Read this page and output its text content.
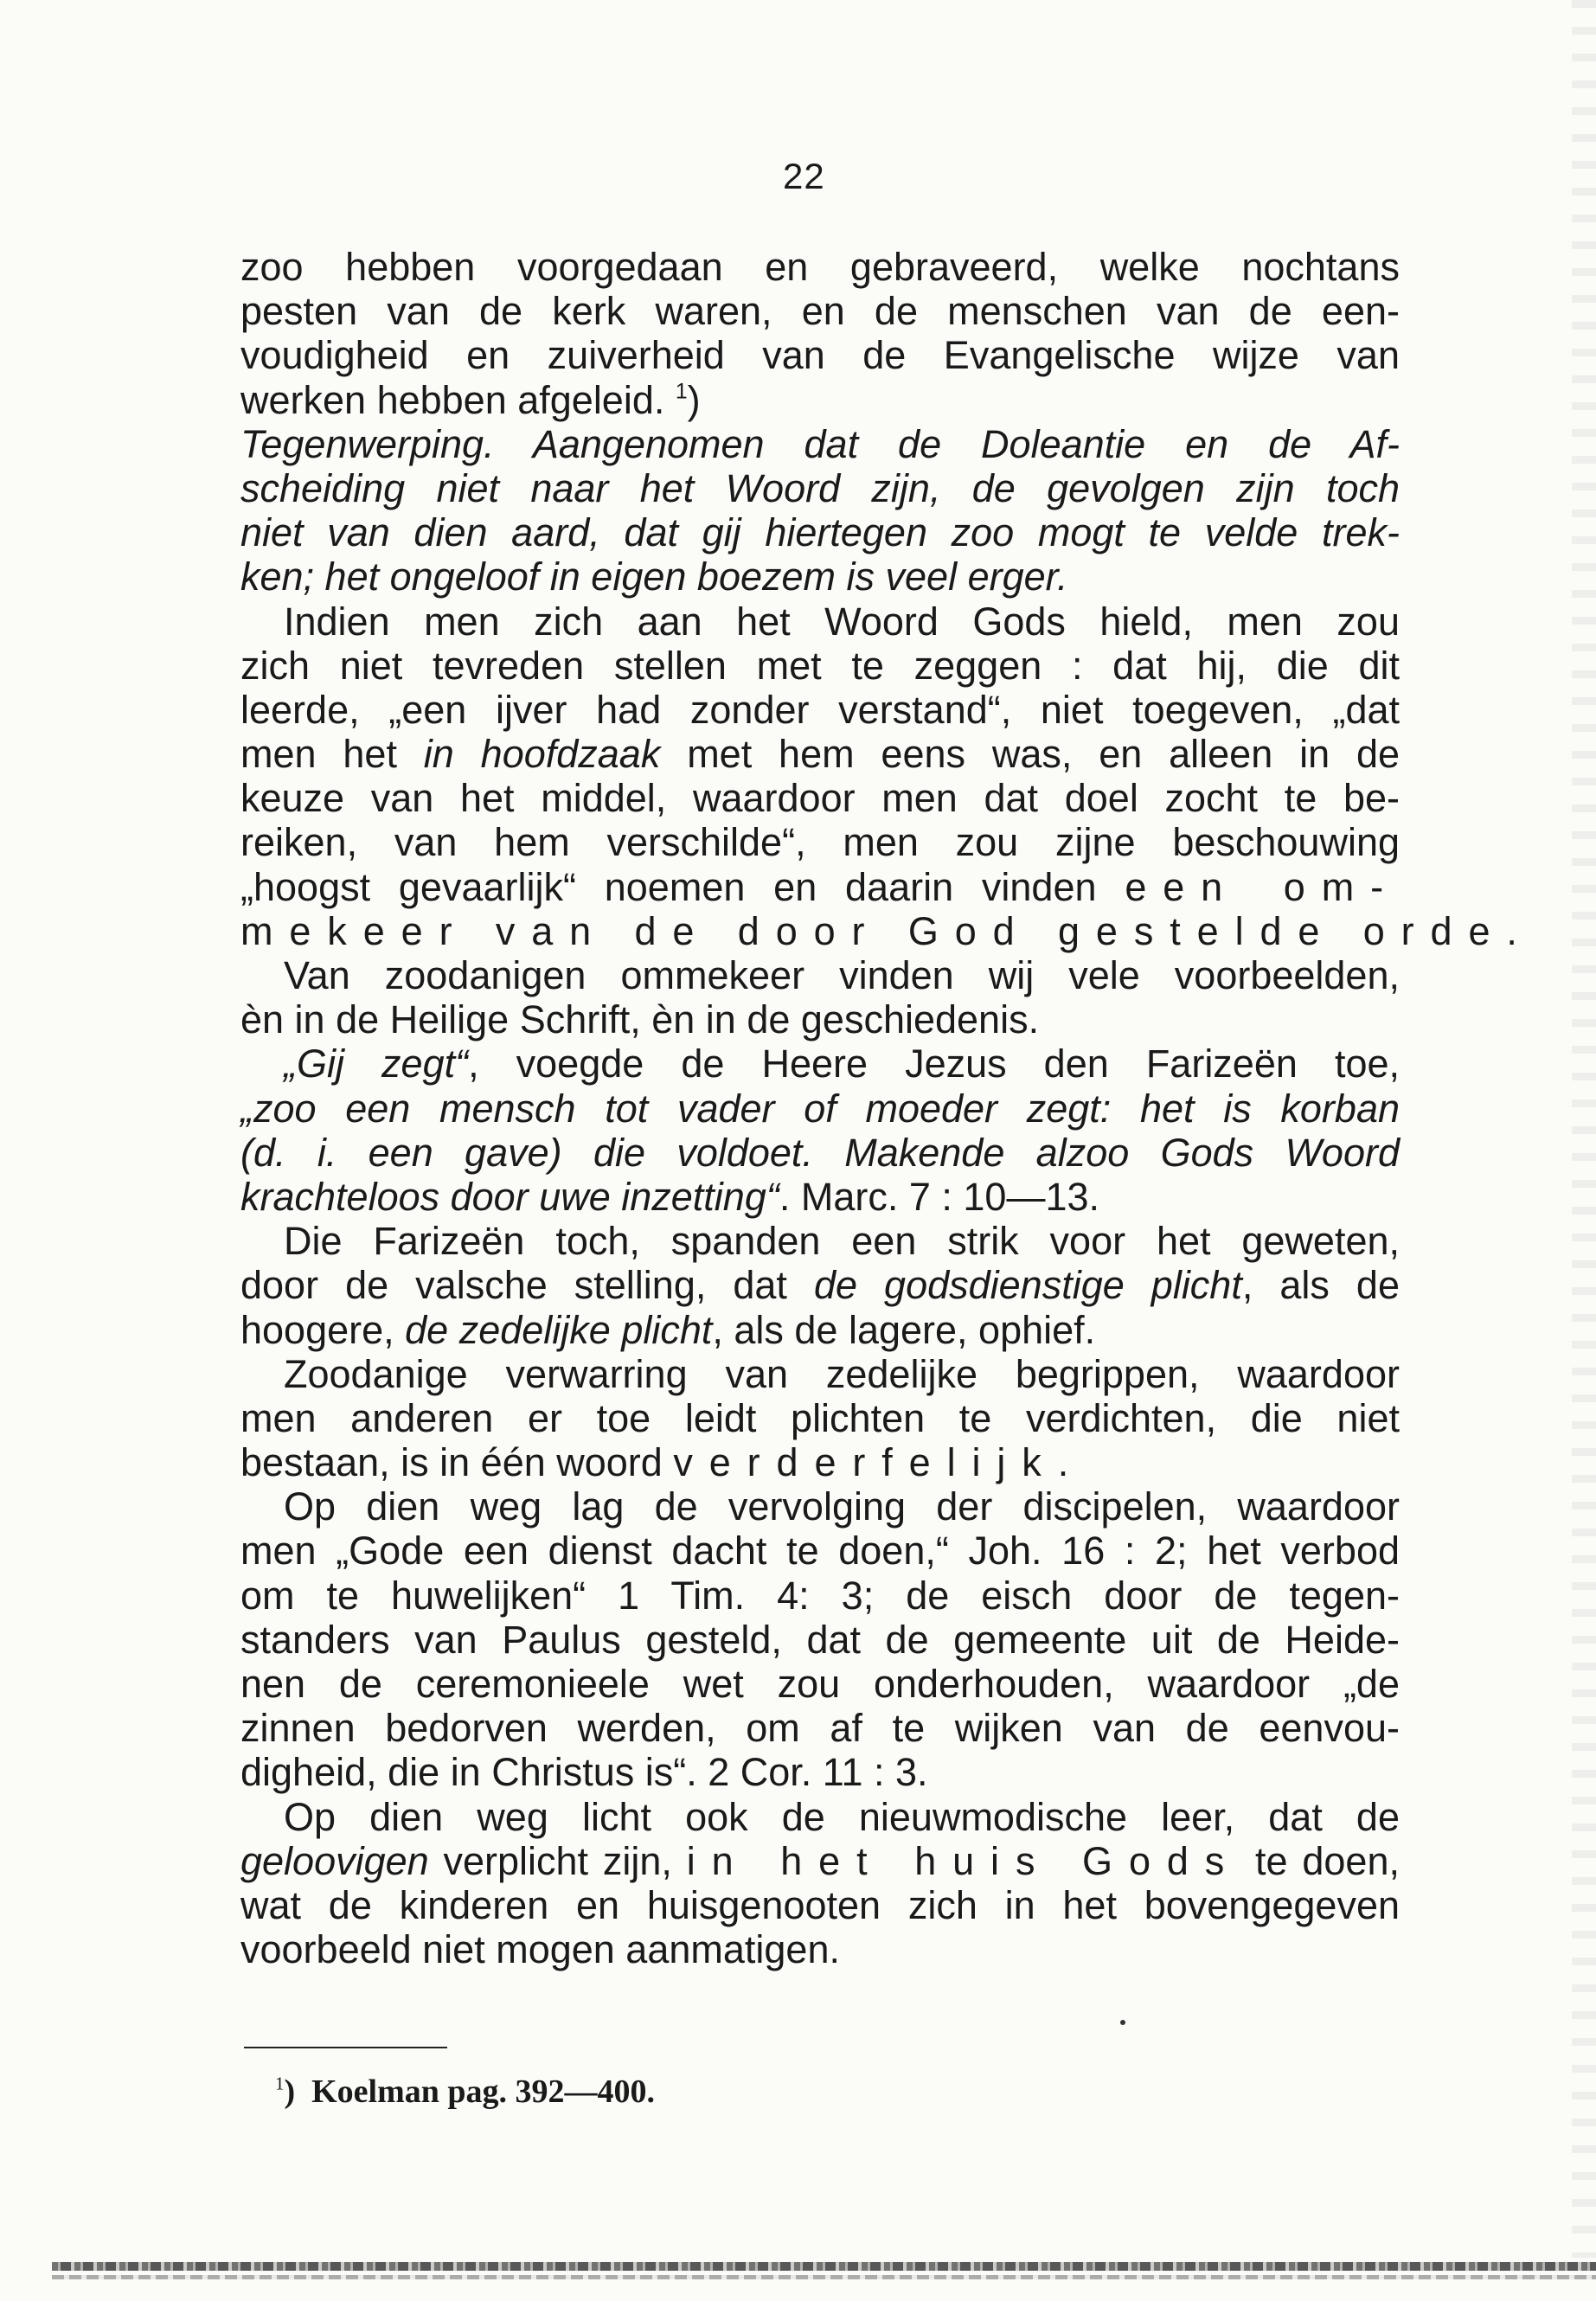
22
zoo hebben voorgedaan en gebraveerd, welke nochtans
pesten van de kerk waren, en de menschen van de een-
voudigheid en zuiverheid van de Evangelische wijze van
werken hebben afgeleid. $^1$)
Tegenwerping. Aangenomen dat de Doleantie en de Af-
scheiding niet naar het Woord zijn, de gevolgen zijn toch
niet van dien aard, dat gij hiertegen zoo mogt te velde trek-
ken; het ongeloof in eigen boezem is veel erger.
Indien men zich aan het Woord Gods hield, men zou
zich niet tevreden stellen met te zeggen : dat hij, die dit
leerde, „een ijver had zonder verstand“, niet toegeven, „dat
men het in hoofdzaak met hem eens was, en alleen in de
keuze van het middel, waardoor men dat doel zocht te be-
reiken, van hem verschilde“, men zou zijne beschouwing
„hoogst gevaarlijk“ noemen en daarin vinden een om-
mekeer van de door God gestelde orde.
Van zoodanigen ommekeer vinden wij vele voorbeelden,
èn in de Heilige Schrift, èn in de geschiedenis.
„Gij zegt“, voegde de Heere Jezus den Farizeën toe,
„zoo een mensch tot vader of moeder zegt: het is korban
(d. i. een gave) die voldoet. Makende alzoo Gods Woord
krachteloos door uwe inzetting“. Marc. 7 : 10—13.
Die Farizeën toch, spanden een strik voor het geweten,
door de valsche stelling, dat de godsdienstige plicht, als de
hoogere, de zedelijke plicht, als de lagere, ophief.
Zoodanige verwarring van zedelijke begrippen, waardoor
men anderen er toe leidt plichten te verdichten, die niet
bestaan, is in één woord verderfelijk.
Op dien weg lag de vervolging der discipelen, waardoor
men „Gode een dienst dacht te doen,“ Joh. 16 : 2; het verbod
om te huwelijken“ 1 Tim. 4: 3; de eisch door de tegen-
standers van Paulus gesteld, dat de gemeente uit de Heide-
nen de ceremonieele wet zou onderhouden, waardoor „de
zinnen bedorven werden, om af te wijken van de eenvou-
digheid, die in Christus is“. 2 Cor. 11 : 3.
Op dien weg licht ook de nieuwmodische leer, dat de
geloovigen verplicht zijn, in het huis Gods te doen,
wat de kinderen en huisgenooten zich in het bovengegeven
voorbeeld niet mogen aanmatigen.
$^1$) Koelman pag. 392—400.
